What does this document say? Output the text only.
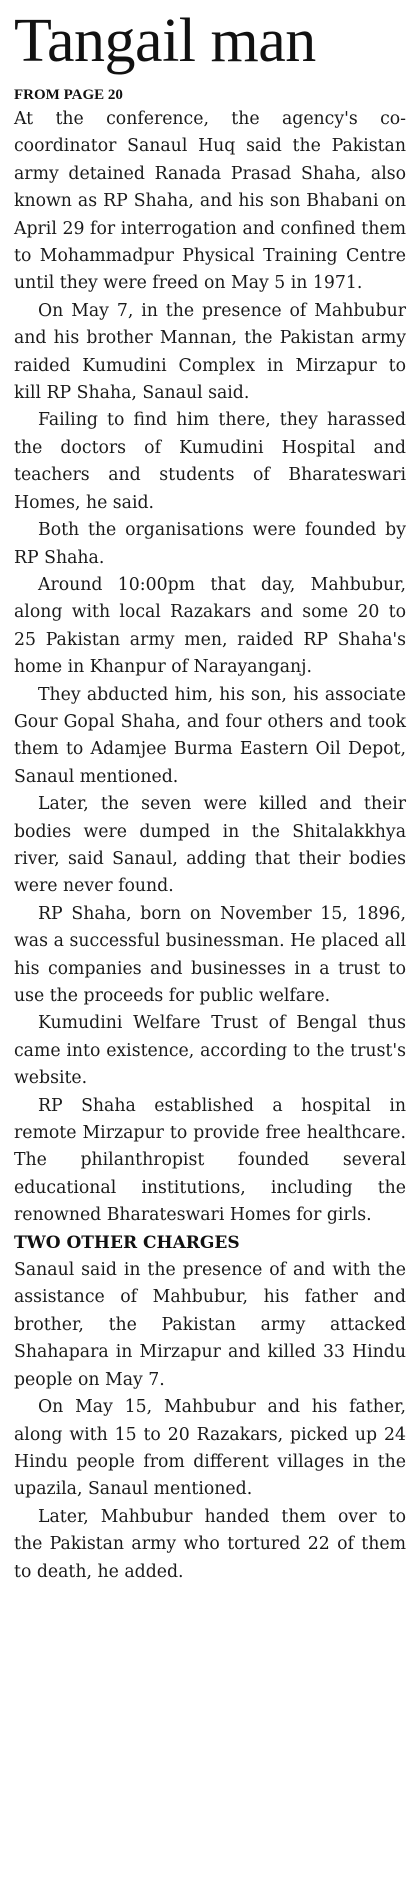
Tangail man

FROM PAGE 20

At the conference, the agency's co-coordinator Sanaul Huq said the Pakistan army detained Ranada Prasad Shaha, also known as RP Shaha, and his son Bhabani on April 29 for interrogation and confined them to Mohammadpur Physical Training Centre until they were freed on May 5 in 1971.

On May 7, in the presence of Mahbubur and his brother Mannan, the Pakistan army raided Kumudini Complex in Mirzapur to kill RP Shaha, Sanaul said.

Failing to find him there, they harassed the doctors of Kumudini Hospital and teachers and students of Bharateswari Homes, he said.

Both the organisations were founded by RP Shaha.

Around 10:00pm that day, Mahbubur, along with local Razakars and some 20 to 25 Pakistan army men, raided RP Shaha's home in Khanpur of Narayanganj.

They abducted him, his son, his associate Gour Gopal Shaha, and four others and took them to Adamjee Burma Eastern Oil Depot, Sanaul mentioned.

Later, the seven were killed and their bodies were dumped in the Shitalakkhya river, said Sanaul, adding that their bodies were never found.

RP Shaha, born on November 15, 1896, was a successful businessman. He placed all his companies and businesses in a trust to use the proceeds for public welfare.

Kumudini Welfare Trust of Bengal thus came into existence, according to the trust's website.

RP Shaha established a hospital in remote Mirzapur to provide free healthcare. The philanthropist founded several educational institutions, including the renowned Bharateswari Homes for girls.

TWO OTHER CHARGES

Sanaul said in the presence of and with the assistance of Mahbubur, his father and brother, the Pakistan army attacked Shahapara in Mirzapur and killed 33 Hindu people on May 7.

On May 15, Mahbubur and his father, along with 15 to 20 Razakars, picked up 24 Hindu people from different villages in the upazila, Sanaul mentioned.

Later, Mahbubur handed them over to the Pakistan army who tortured 22 of them to death, he added.
